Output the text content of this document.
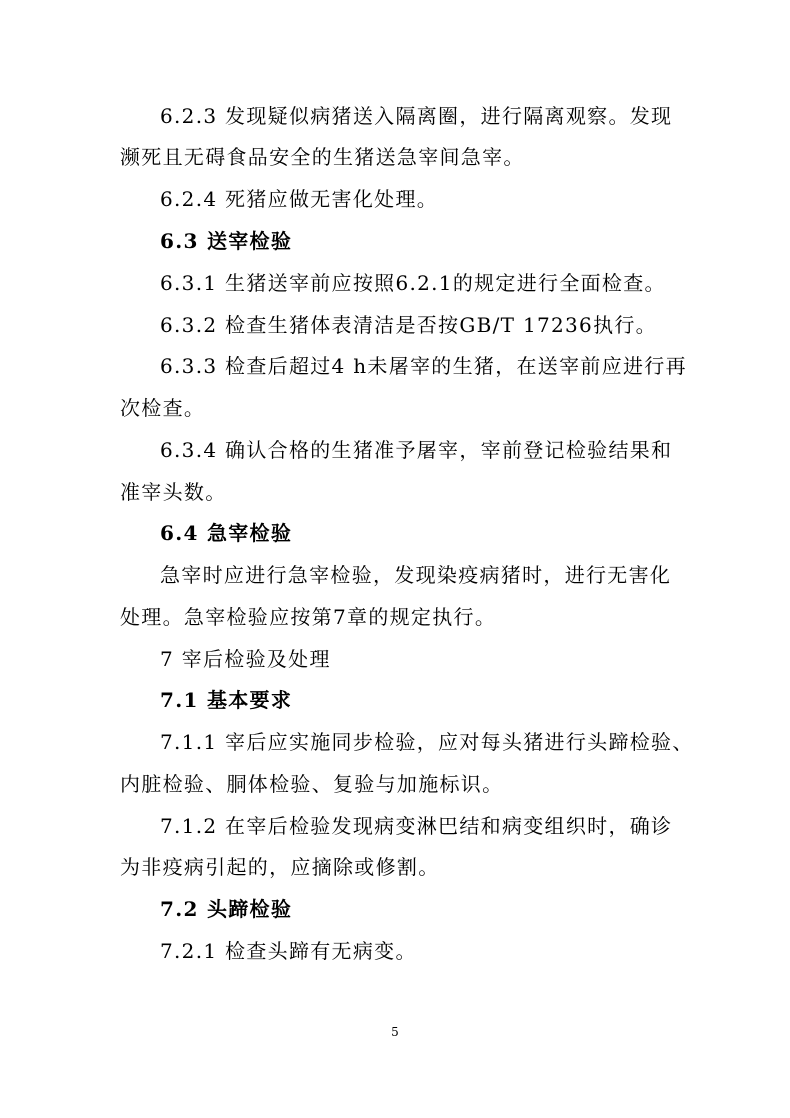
6.2.3 发现疑似病猪送入隔离圈，进行隔离观察。发现
濒死且无碍食品安全的生猪送急宰间急宰。
6.2.4 死猪应做无害化处理。
6.3 送宰检验
6.3.1 生猪送宰前应按照6.2.1的规定进行全面检查。
6.3.2 检查生猪体表清洁是否按GB/T 17236执行。
6.3.3 检查后超过4 h未屠宰的生猪，在送宰前应进行再
次检查。
6.3.4 确认合格的生猪准予屠宰，宰前登记检验结果和
准宰头数。
6.4 急宰检验
急宰时应进行急宰检验，发现染疫病猪时，进行无害化
处理。急宰检验应按第7章的规定执行。
7 宰后检验及处理
7.1 基本要求
7.1.1 宰后应实施同步检验，应对每头猪进行头蹄检验、
内脏检验、胴体检验、复验与加施标识。
7.1.2 在宰后检验发现病变淋巴结和病变组织时，确诊
为非疫病引起的，应摘除或修割。
7.2 头蹄检验
7.2.1 检查头蹄有无病变。
5
